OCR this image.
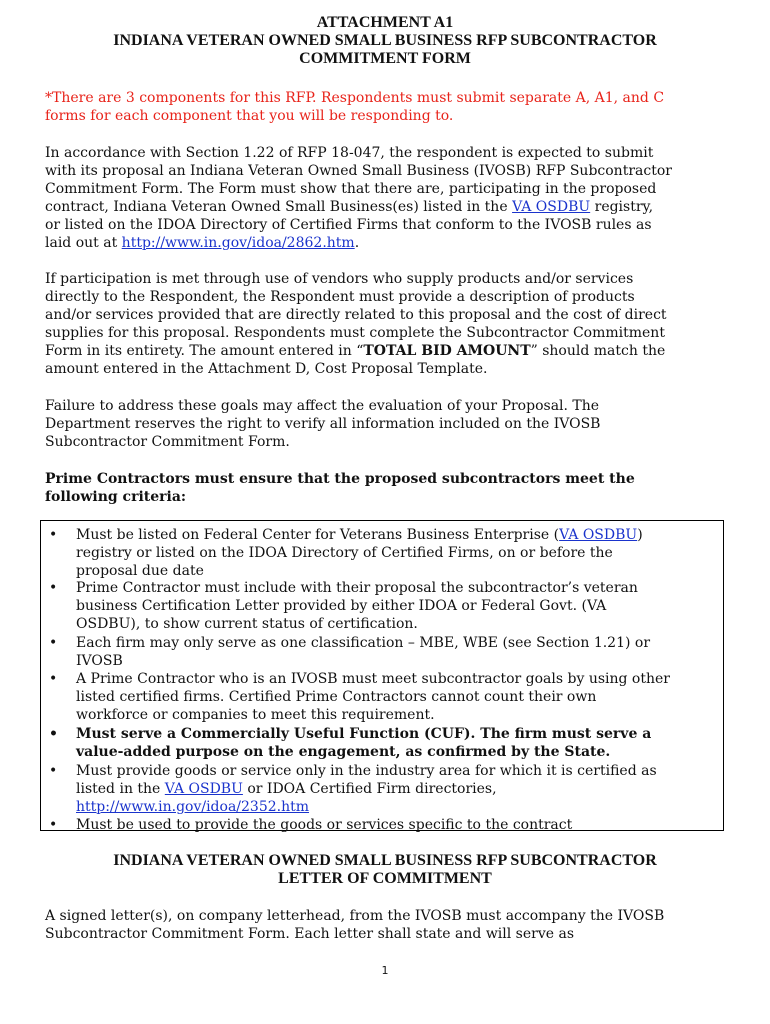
ATTACHMENT A1
INDIANA VETERAN OWNED SMALL BUSINESS RFP SUBCONTRACTOR
COMMITMENT FORM
*There are 3 components for this RFP. Respondents must submit separate A, A1, and C
forms for each component that you will be responding to.
In accordance with Section 1.22 of RFP 18-047, the respondent is expected to submit
with its proposal an Indiana Veteran Owned Small Business (IVOSB) RFP Subcontractor
Commitment Form. The Form must show that there are, participating in the proposed
contract, Indiana Veteran Owned Small Business(es) listed in the VA OSDBU registry,
or listed on the IDOA Directory of Certified Firms that conform to the IVOSB rules as
laid out at http://www.in.gov/idoa/2862.htm.
If participation is met through use of vendors who supply products and/or services
directly to the Respondent, the Respondent must provide a description of products
and/or services provided that are directly related to this proposal and the cost of direct
supplies for this proposal. Respondents must complete the Subcontractor Commitment
Form in its entirety. The amount entered in “TOTAL BID AMOUNT” should match the
amount entered in the Attachment D, Cost Proposal Template.
Failure to address these goals may affect the evaluation of your Proposal. The
Department reserves the right to verify all information included on the IVOSB
Subcontractor Commitment Form.
Prime Contractors must ensure that the proposed subcontractors meet the
following criteria:
• Must be listed on Federal Center for Veterans Business Enterprise (VA OSDBU)
registry or listed on the IDOA Directory of Certified Firms, on or before the
proposal due date
• Prime Contractor must include with their proposal the subcontractor’s veteran
business Certification Letter provided by either IDOA or Federal Govt. (VA
OSDBU), to show current status of certification.
• Each firm may only serve as one classification – MBE, WBE (see Section 1.21) or
IVOSB
• A Prime Contractor who is an IVOSB must meet subcontractor goals by using other
listed certified firms. Certified Prime Contractors cannot count their own
workforce or companies to meet this requirement.
• Must serve a Commercially Useful Function (CUF). The firm must serve a
value-added purpose on the engagement, as confirmed by the State.
• Must provide goods or service only in the industry area for which it is certified as
listed in the VA OSDBU or IDOA Certified Firm directories,
http://www.in.gov/idoa/2352.htm
• Must be used to provide the goods or services specific to the contract
INDIANA VETERAN OWNED SMALL BUSINESS RFP SUBCONTRACTOR
LETTER OF COMMITMENT
A signed letter(s), on company letterhead, from the IVOSB must accompany the IVOSB
Subcontractor Commitment Form. Each letter shall state and will serve as
1
